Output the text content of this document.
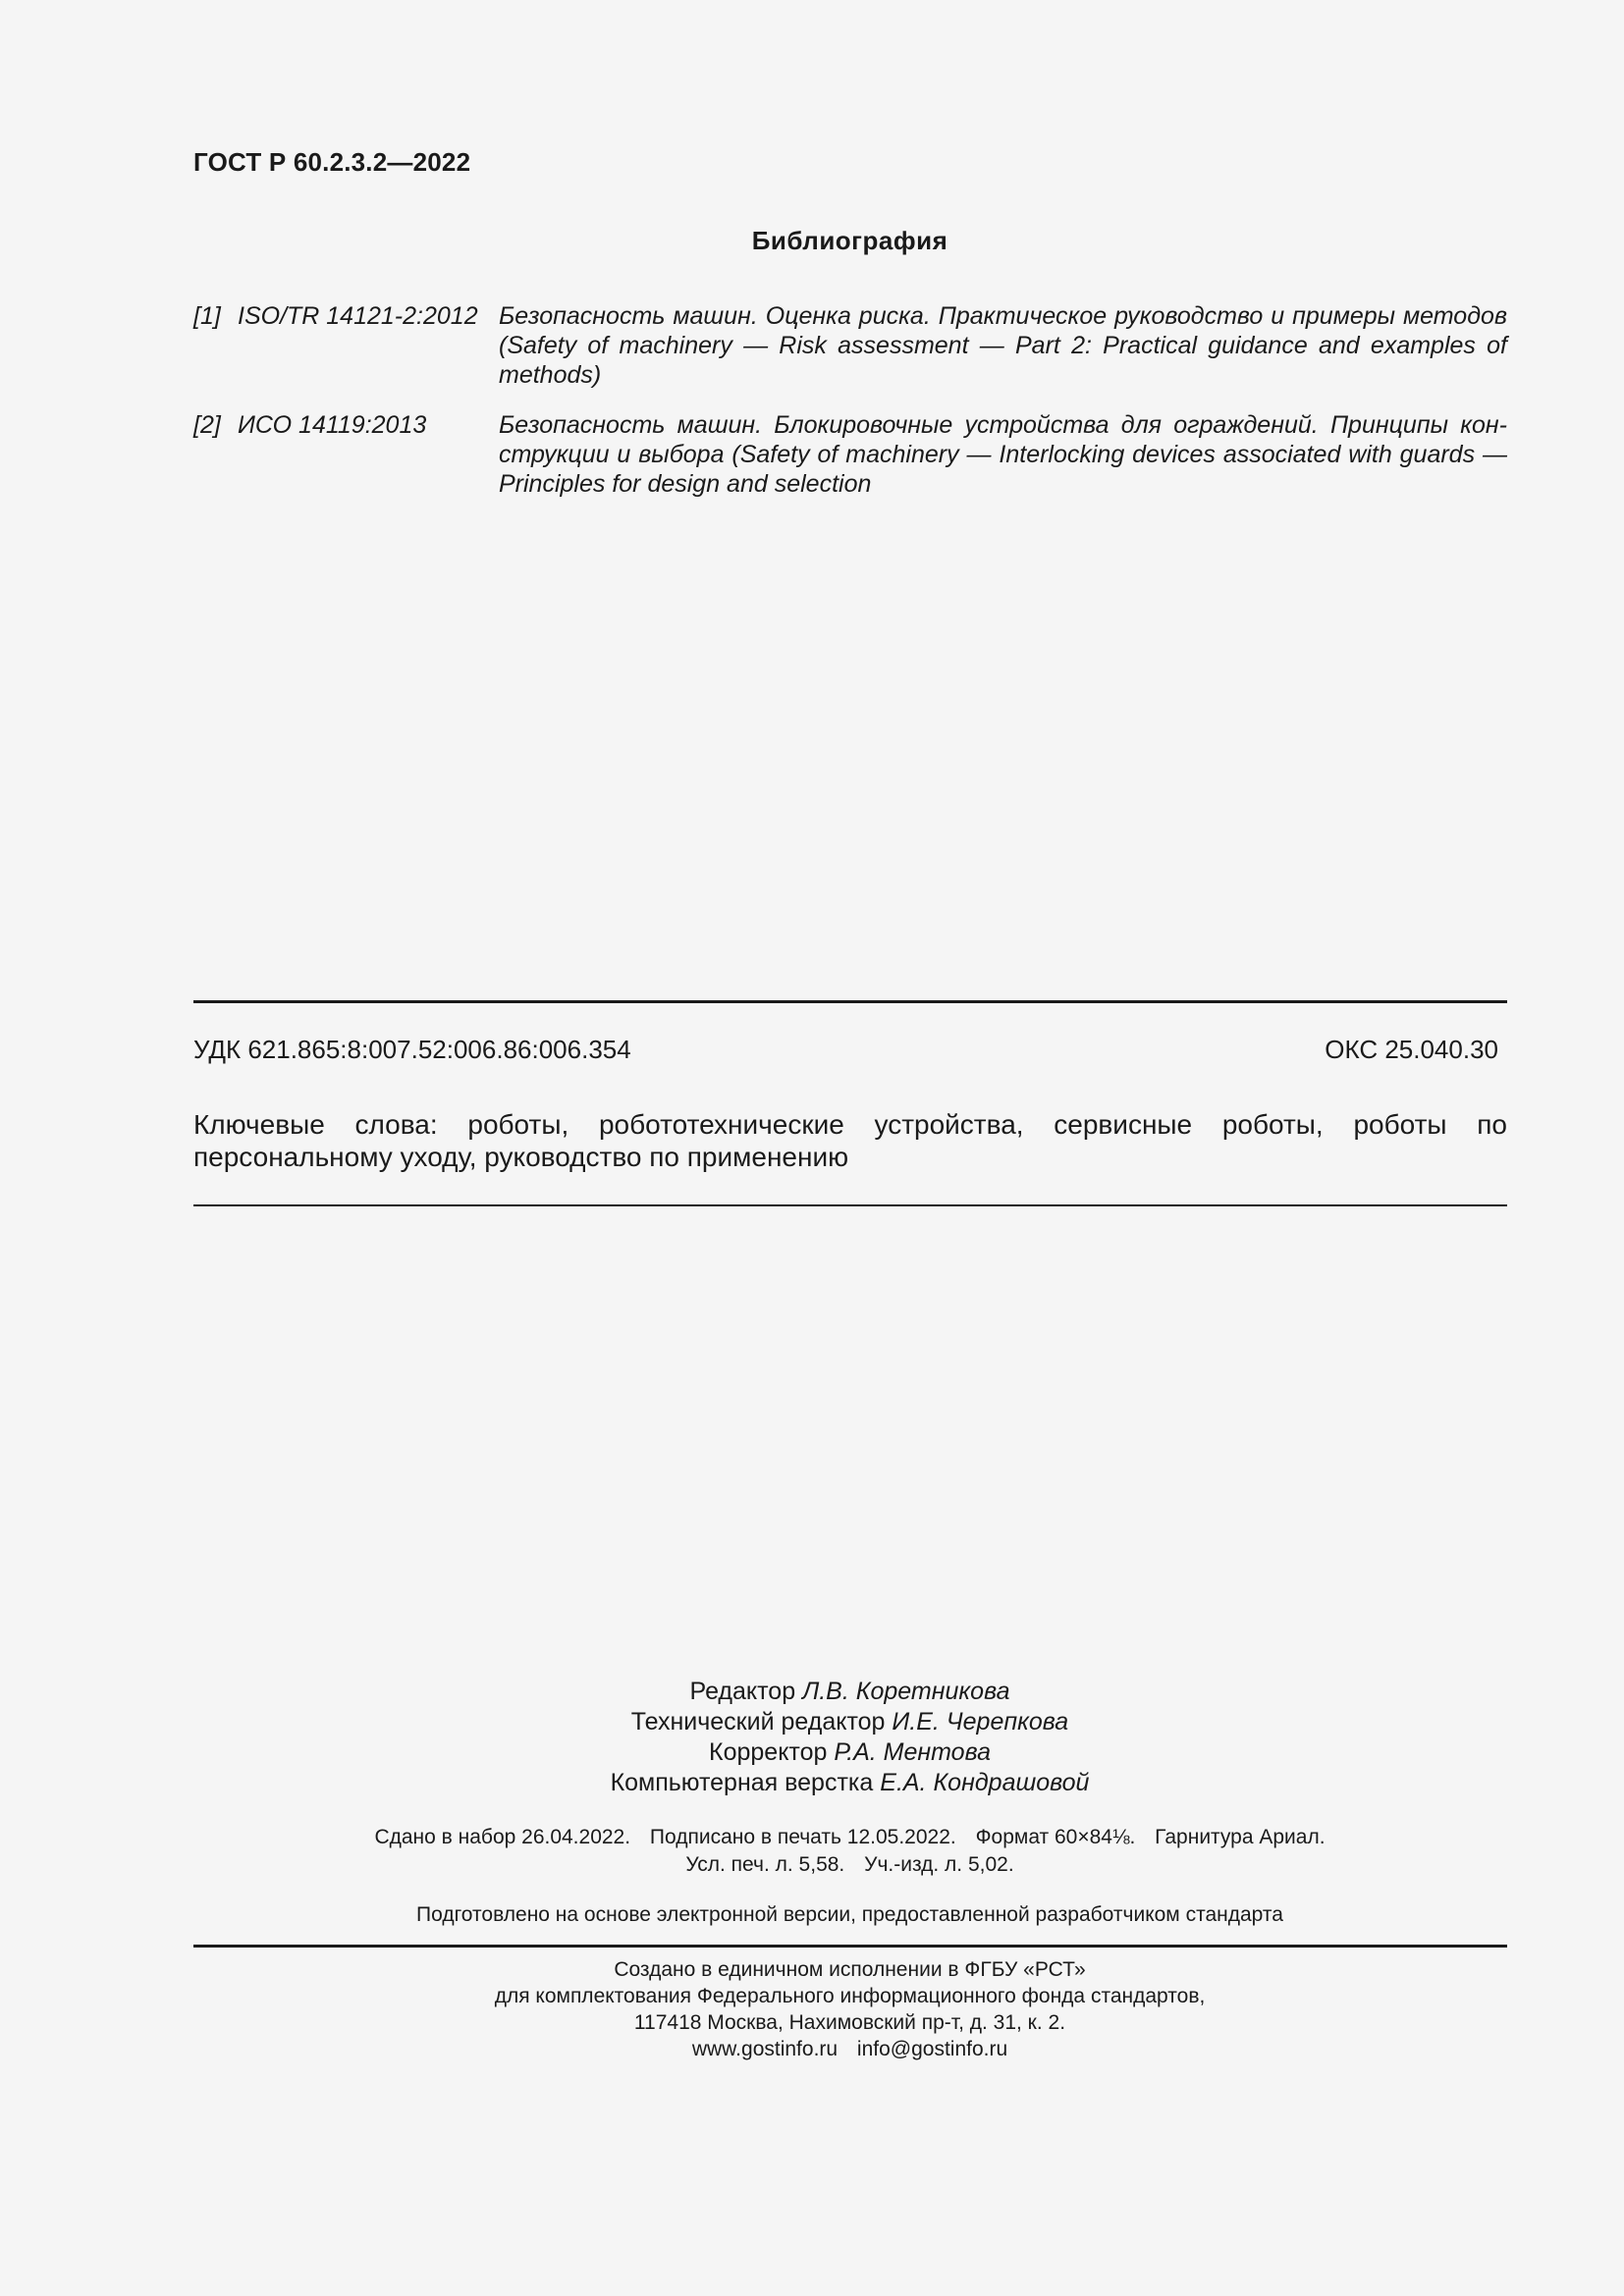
ГОСТ Р 60.2.3.2—2022
Библиография
[1] ISO/TR 14121-2:2012 Безопасность машин. Оценка риска. Практическое руководство и примеры методов (Safety of machinery — Risk assessment — Part 2: Practical guidance and examples of methods)
[2] ИСО 14119:2013	Безопасность машин. Блокировочные устройства для ограждений. Принципы конструкции и выбора (Safety of machinery — Interlocking devices associated with guards — Principles for design and selection
УДК 621.865:8:007.52:006.86:006.354	ОКС 25.040.30
Ключевые слова: роботы, робототехнические устройства, сервисные роботы, роботы по персональному уходу, руководство по применению
Редактор Л.В. Коретникова
Технический редактор И.Е. Черепкова
Корректор Р.А. Ментова
Компьютерная верстка Е.А. Кондрашовой
Сдано в набор 26.04.2022. Подписано в печать 12.05.2022. Формат 60×84⅛. Гарнитура Ариал.
Усл. печ. л. 5,58. Уч.-изд. л. 5,02.
Подготовлено на основе электронной версии, предоставленной разработчиком стандарта
Создано в единичном исполнении в ФГБУ «РСТ»
для комплектования Федерального информационного фонда стандартов,
117418 Москва, Нахимовский пр-т, д. 31, к. 2.
www.gostinfo.ru info@gostinfo.ru
